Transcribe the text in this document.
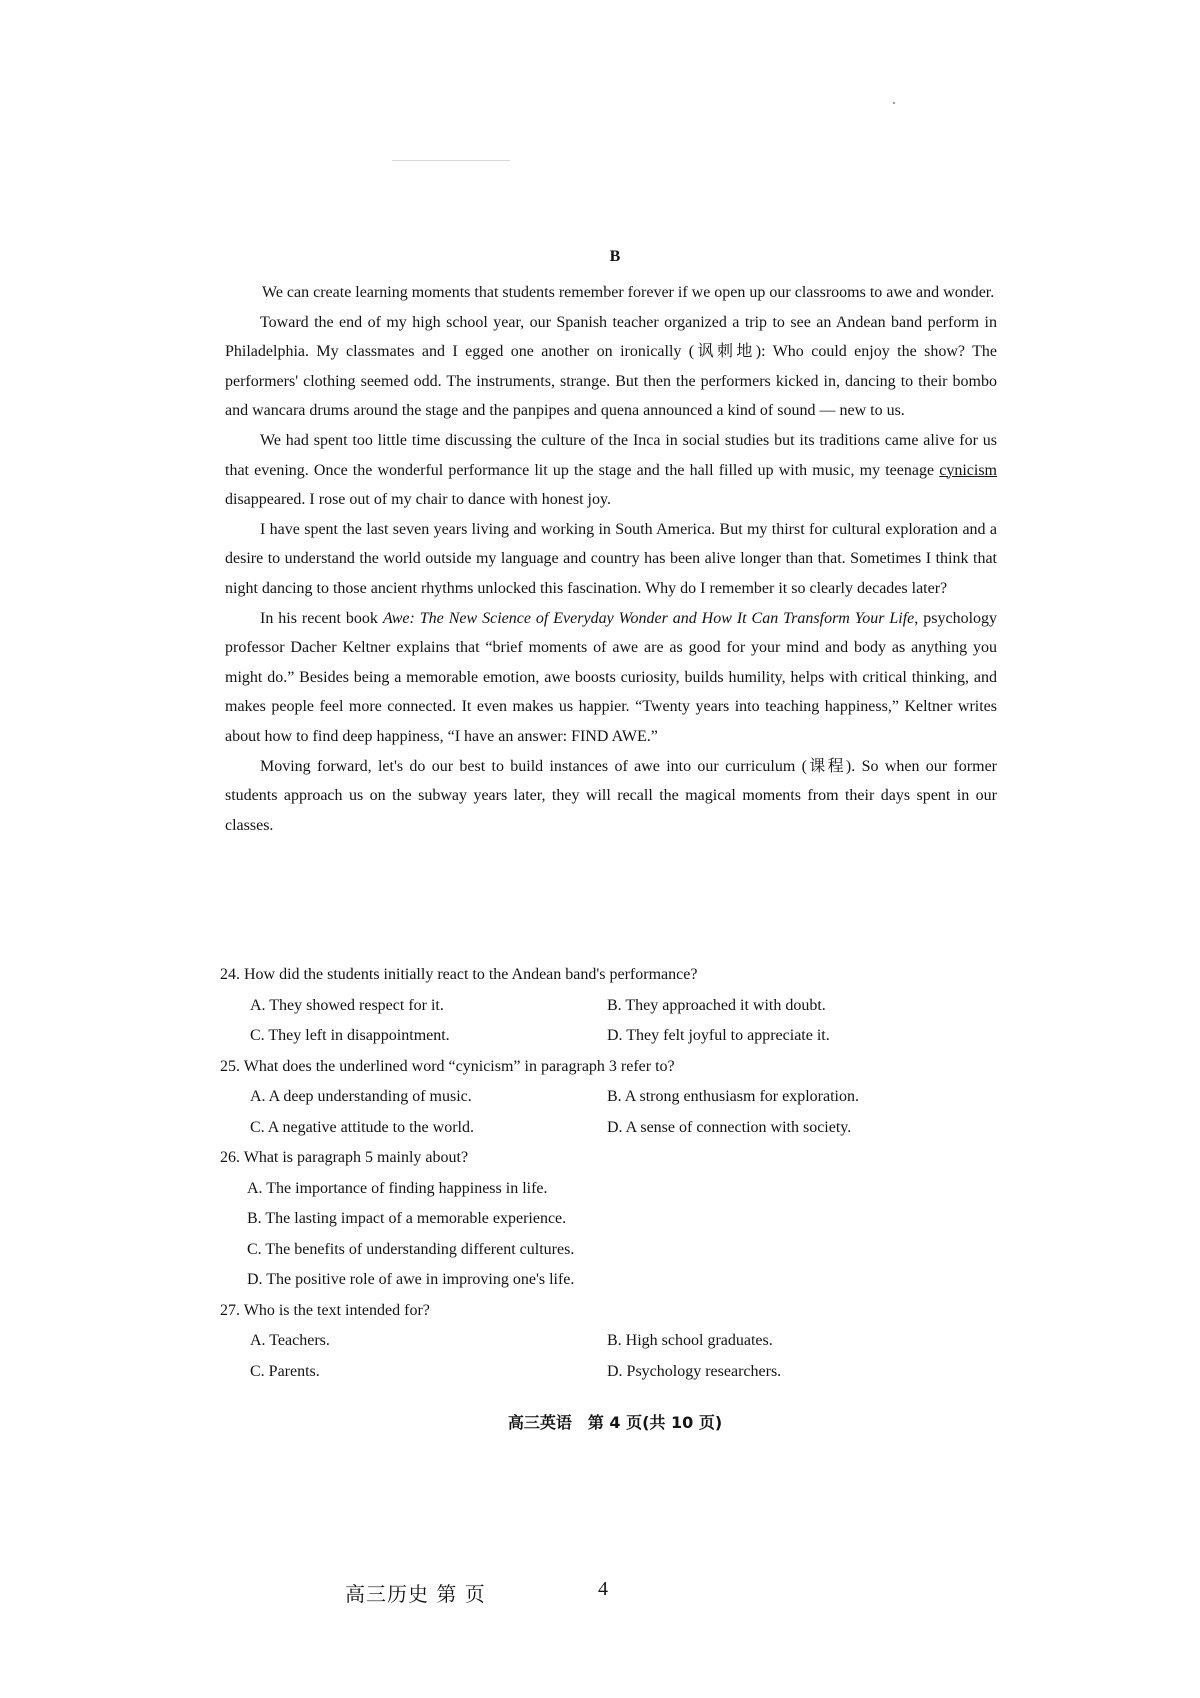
B

We can create learning moments that students remember forever if we open up our classrooms to awe and wonder.

Toward the end of my high school year, our Spanish teacher organized a trip to see an Andean band perform in Philadelphia. My classmates and I egged one another on ironically (讽刺地): Who could enjoy the show? The performers' clothing seemed odd. The instruments, strange. But then the performers kicked in, dancing to their bombo and wancara drums around the stage and the panpipes and quena announced a kind of sound — new to us.

We had spent too little time discussing the culture of the Inca in social studies but its traditions came alive for us that evening. Once the wonderful performance lit up the stage and the hall filled up with music, my teenage cynicism disappeared. I rose out of my chair to dance with honest joy.

I have spent the last seven years living and working in South America. But my thirst for cultural exploration and a desire to understand the world outside my language and country has been alive longer than that. Sometimes I think that night dancing to those ancient rhythms unlocked this fascination. Why do I remember it so clearly decades later?

In his recent book Awe: The New Science of Everyday Wonder and How It Can Transform Your Life, psychology professor Dacher Keltner explains that “brief moments of awe are as good for your mind and body as anything you might do.” Besides being a memorable emotion, awe boosts curiosity, builds humility, helps with critical thinking, and makes people feel more connected. It even makes us happier. “Twenty years into teaching happiness,” Keltner writes about how to find deep happiness, “I have an answer: FIND AWE.”

Moving forward, let's do our best to build instances of awe into our curriculum (课程). So when our former students approach us on the subway years later, they will recall the magical moments from their days spent in our classes.

24. How did the students initially react to the Andean band's performance?
A. They showed respect for it.	B. They approached it with doubt.
C. They left in disappointment.	D. They felt joyful to appreciate it.
25. What does the underlined word “cynicism” in paragraph 3 refer to?
A. A deep understanding of music.	B. A strong enthusiasm for exploration.
C. A negative attitude to the world.	D. A sense of connection with society.
26. What is paragraph 5 mainly about?
A. The importance of finding happiness in life.
B. The lasting impact of a memorable experience.
C. The benefits of understanding different cultures.
D. The positive role of awe in improving one's life.
27. Who is the text intended for?
A. Teachers.	B. High school graduates.
C. Parents.	D. Psychology researchers.
高三英语　第 4 页(共 10 页)
高三历史 第 页	4
